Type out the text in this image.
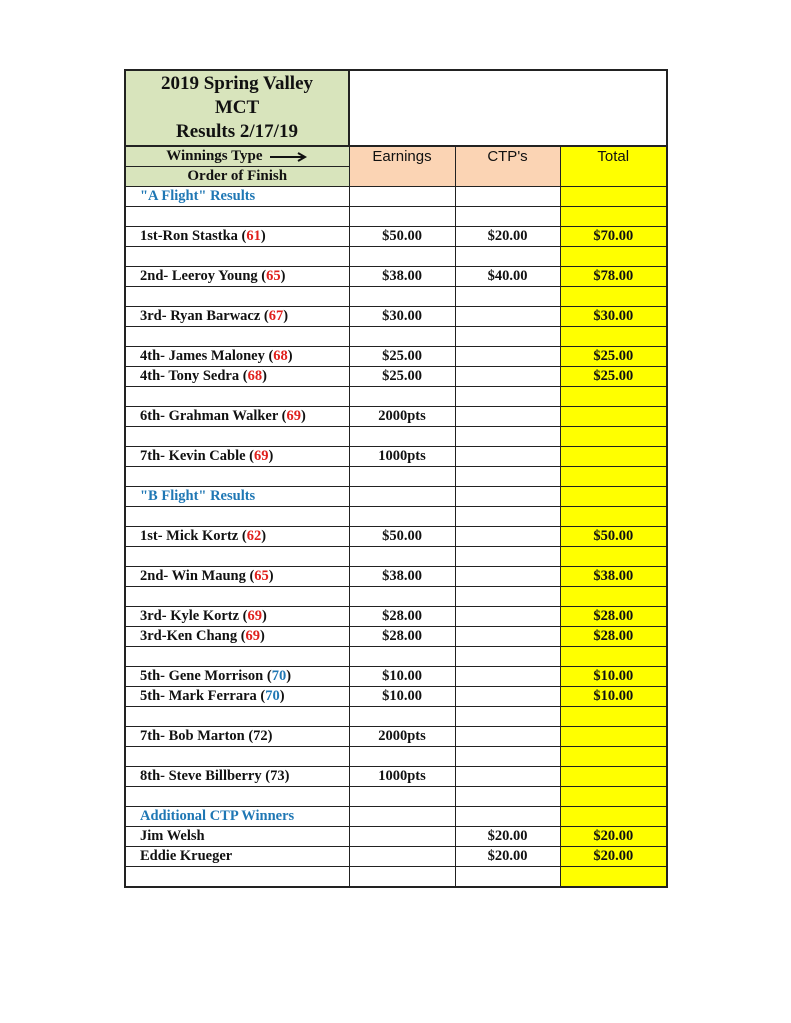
2019 Spring Valley
MCT
Results 2/17/19			

Winnings Type	Earnings	CTP's	Total
Order of Finish			
"A Flight" Results			

1st-Ron Stastka (61)	$50.00	$20.00	$70.00

2nd- Leeroy Young (65)	$38.00	$40.00	$78.00

3rd- Ryan Barwacz (67)	$30.00		$30.00

4th- James Maloney (68)	$25.00		$25.00
4th- Tony Sedra (68)	$25.00		$25.00

6th- Grahman Walker (69)	2000pts		

7th- Kevin Cable (69)	1000pts		

"B Flight" Results			

1st- Mick Kortz (62)	$50.00		$50.00

2nd- Win Maung (65)	$38.00		$38.00

3rd- Kyle Kortz (69)	$28.00		$28.00
3rd-Ken Chang (69)	$28.00		$28.00

5th- Gene Morrison (70)	$10.00		$10.00
5th- Mark Ferrara (70)	$10.00		$10.00

7th- Bob Marton (72)	2000pts		

8th- Steve Billberry (73)	1000pts		

Additional CTP Winners			
Jim Welsh		$20.00	$20.00
Eddie Krueger		$20.00	$20.00
